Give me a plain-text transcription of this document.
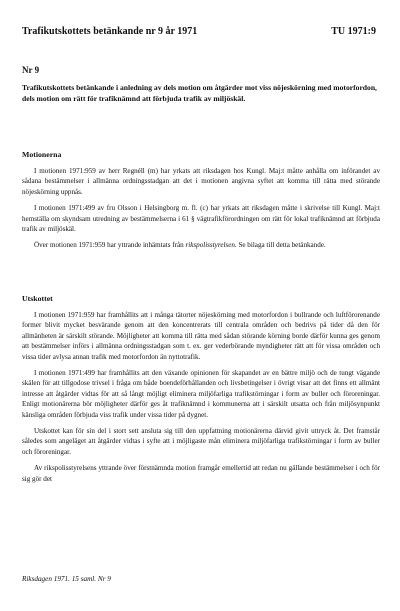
Trafikutskottets betänkande nr 9 år 1971	TU 1971:9
Nr 9
Trafikutskottets betänkande i anledning av dels motion om åtgärder mot viss nöjeskörning med motorfordon, dels motion om rätt för trafiknämnd att förbjuda trafik av miljöskäl.
Motionerna

I motionen 1971:959 av herr Regnéll (m) har yrkats att riksdagen hos Kungl. Maj:t måtte anhålla om införandet av sådana bestämmelser i allmänna ordningsstadgan att det i motionen angivna syftet att komma till rätta med störande nöjeskörning uppnås.

I motionen 1971:499 av fru Olsson i Helsingborg m. fl. (c) har yrkats att riksdagen måtte i skrivelse till Kungl. Maj:t hemställa om skyndsam utredning av bestämmelserna i 61 § vägtrafikförordningen om rätt för lokal trafiknämnd att förbjuda trafik av miljöskäl.

Över motionen 1971:959 har yttrande inhämtats från rikspolisstyrelsen. Se bilaga till detta betänkande.

Utskottet

I motionen 1971:959 har framhållits att i många tätorter nöjeskörning med motorfordon i bullrande och luftförorenande former blivit mycket besvärande genom att den koncentrerats till centrala områden och bedrivs på tider då den för allmänheten är särskilt störande. Möjligheter att komma till rätta med sådan störande körning borde därför kunna ges genom att bestämmelser införs i allmänna ordningsstadgan som t. ex. ger vederbörande myndigheter rätt att för vissa områden och vissa tider avlysa annan trafik med motorfordon än nyttotrafik.

I motionen 1971:499 har framhållits att den växande opinionen för skapandet av en bättre miljö och de tungt vägande skälen för att tillgodose trivsel i fråga om både boendeförhållanden och livsbetingelser i övrigt visar att det finns ett allmänt intresse att åtgärder vidtas för att så långt möjligt eliminera miljöfarliga trafikstörningar i form av buller och föroreningar. Enligt motionärerna bör möjligheter därför ges åt trafiknämnd i kommunerna att i särskilt utsatta och från miljösynpunkt känsliga områden förbjuda viss trafik under vissa tider på dygnet.

Utskottet kan för sin del i stort sett ansluta sig till den uppfattning motionärerna därvid givit uttryck åt. Det framstår således som angeläget att åtgärder vidtas i syfte att i möjligaste mån eliminera miljöfarliga trafikstörningar i form av buller och föroreningar.

Av rikspolisstyrelsens yttrande över förstnämnda motion framgår emellertid att redan nu gällande bestämmelser i och för sig gör det

Riksdagen 1971. 15 saml. Nr 9
